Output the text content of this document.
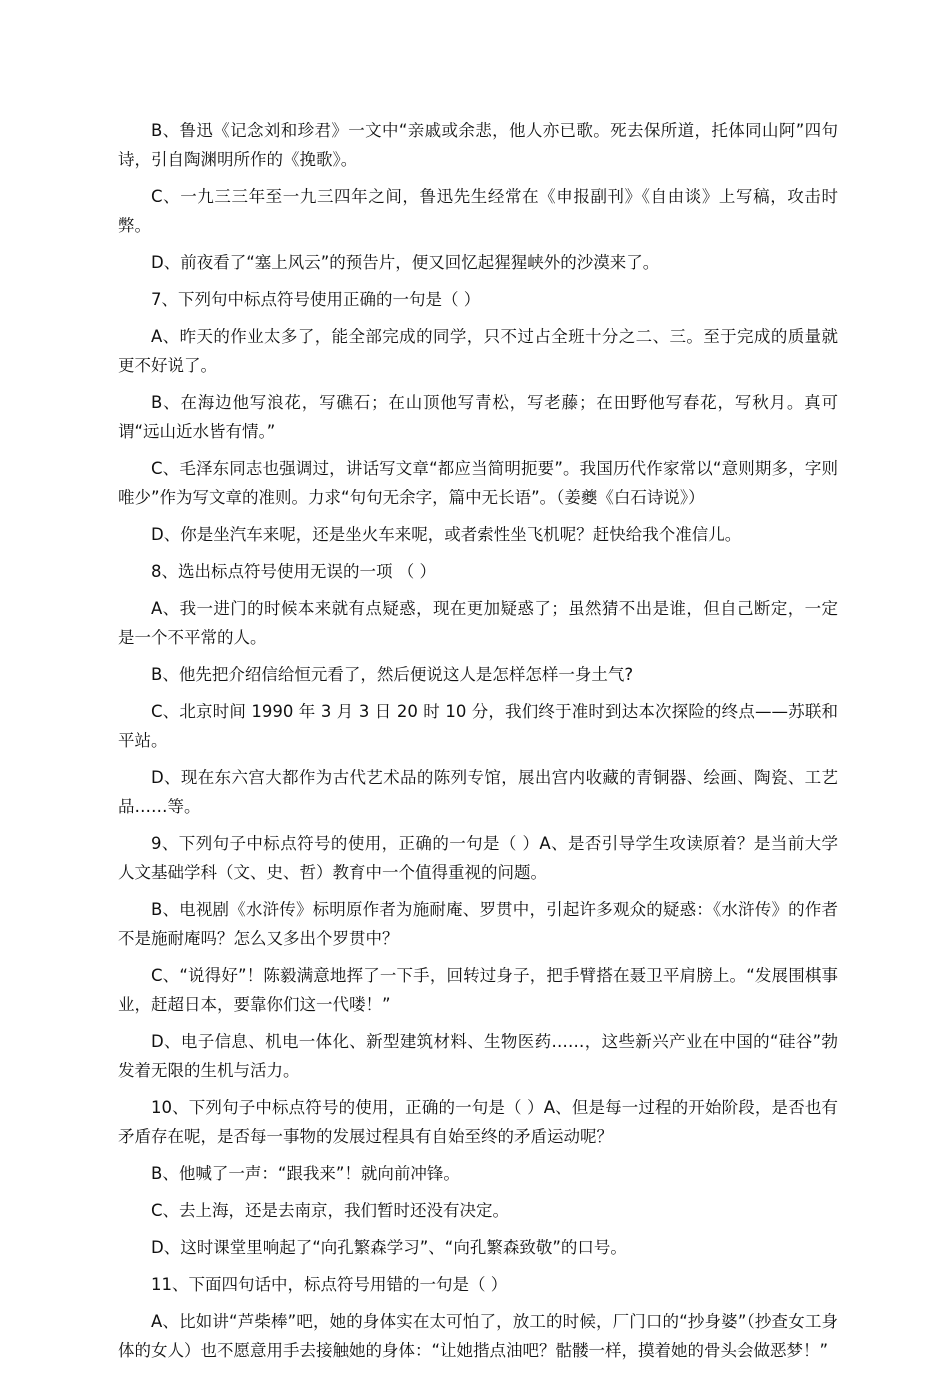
B、鲁迅《记念刘和珍君》一文中“亲戚或余悲，他人亦已歌。死去保所道，托体同山阿”四句诗，引自陶渊明所作的《挽歌》。

C、一九三三年至一九三四年之间，鲁迅先生经常在《申报副刊》《自由谈》上写稿，攻击时弊。

D、前夜看了“塞上风云”的预告片，便又回忆起猩猩峡外的沙漠来了。

7、下列句中标点符号使用正确的一句是（ ）

A、昨天的作业太多了，能全部完成的同学，只不过占全班十分之二、三。至于完成的质量就更不好说了。

B、在海边他写浪花，写礁石；在山顶他写青松，写老藤；在田野他写春花，写秋月。真可谓“远山近水皆有情。”

C、毛泽东同志也强调过，讲话写文章“都应当简明扼要”。我国历代作家常以“意则期多，字则唯少”作为写文章的准则。力求“句句无余字，篇中无长语”。（姜夔《白石诗说》）

D、你是坐汽车来呢，还是坐火车来呢，或者索性坐飞机呢？赶快给我个准信儿。

8、选出标点符号使用无误的一项 （ ）

A、我一进门的时候本来就有点疑惑，现在更加疑惑了；虽然猜不出是谁，但自己断定，一定是一个不平常的人。

B、他先把介绍信给恒元看了，然后便说这人是怎样怎样一身土气?

C、北京时间 1990 年 3 月 3 日 20 时 10 分，我们终于准时到达本次探险的终点——苏联和平站。

D、现在东六宫大都作为古代艺术品的陈列专馆，展出宫内收藏的青铜器、绘画、陶瓷、工艺品……等。

9、下列句子中标点符号的使用，正确的一句是（ ）A、是否引导学生攻读原着？是当前大学人文基础学科（文、史、哲）教育中一个值得重视的问题。

B、电视剧《水浒传》标明原作者为施耐庵、罗贯中，引起许多观众的疑惑：《水浒传》的作者不是施耐庵吗？怎么又多出个罗贯中？

C、“说得好”！陈毅满意地挥了一下手，回转过身子，把手臂搭在聂卫平肩膀上。“发展围棋事业，赶超日本，要靠你们这一代喽！”

D、电子信息、机电一体化、新型建筑材料、生物医药……，这些新兴产业在中国的“硅谷”勃发着无限的生机与活力。

10、下列句子中标点符号的使用，正确的一句是（ ）A、但是每一过程的开始阶段，是否也有矛盾存在呢，是否每一事物的发展过程具有自始至终的矛盾运动呢？

B、他喊了一声：“跟我来”！就向前冲锋。

C、去上海，还是去南京，我们暂时还没有决定。

D、这时课堂里响起了“向孔繁森学习”、“向孔繁森致敬”的口号。

11、下面四句话中，标点符号用错的一句是（ ）

A、比如讲“芦柴棒”吧，她的身体实在太可怕了，放工的时候，厂门口的“抄身婆”（抄查女工身体的女人）也不愿意用手去接触她的身体：“让她揩点油吧？骷髅一样，摸着她的骨头会做恶梦！”
